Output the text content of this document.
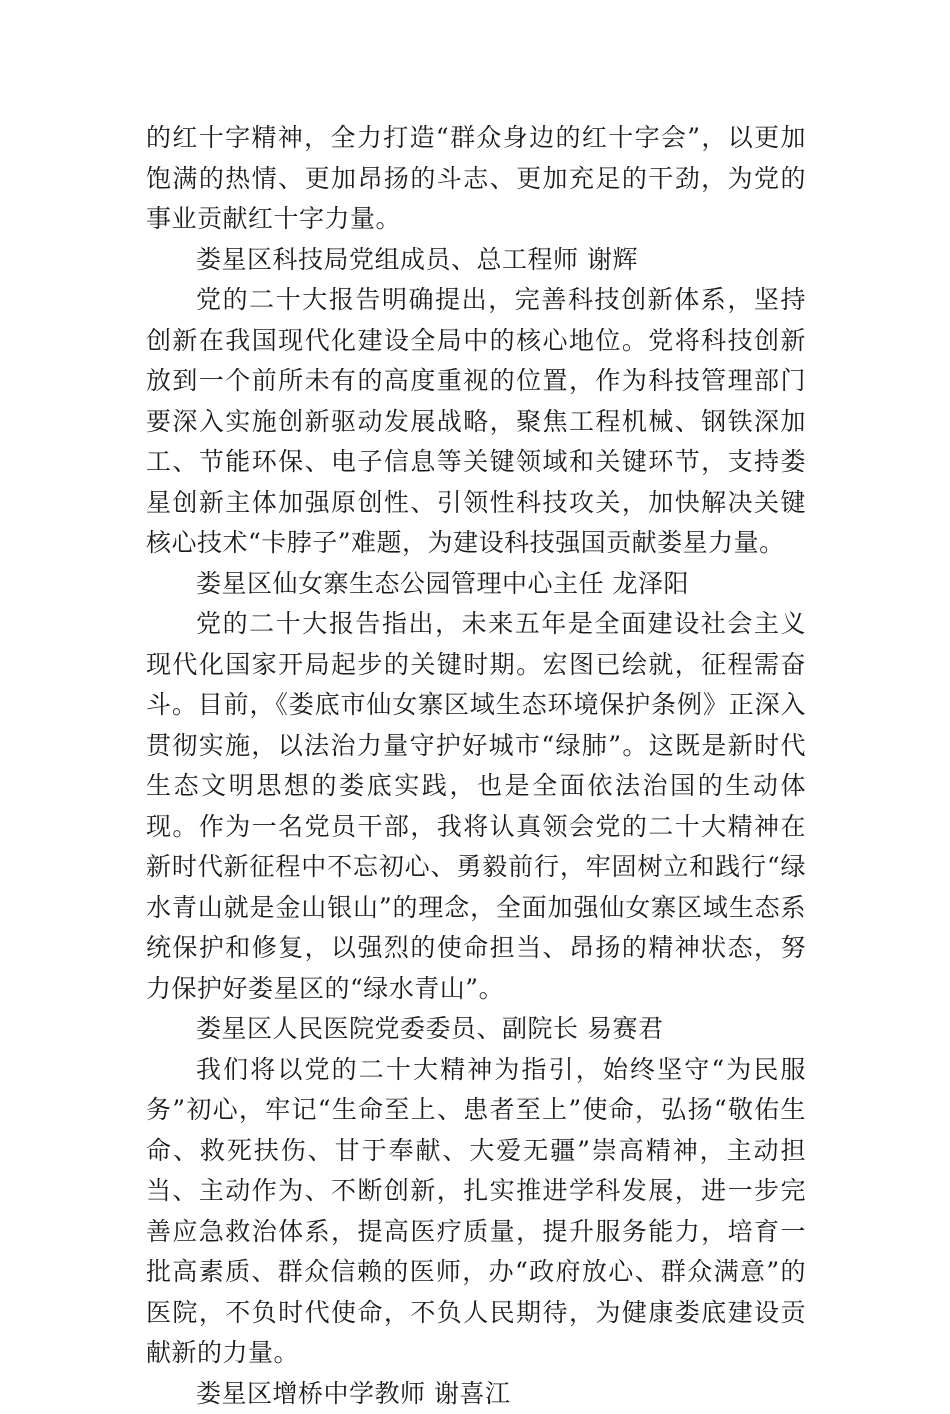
的红十字精神，全力打造“群众身边的红十字会”，以更加饱满的热情、更加昂扬的斗志、更加充足的干劲，为党的事业贡献红十字力量。

娄星区科技局党组成员、总工程师 谢辉

党的二十大报告明确提出，完善科技创新体系，坚持创新在我国现代化建设全局中的核心地位。党将科技创新放到一个前所未有的高度重视的位置，作为科技管理部门要深入实施创新驱动发展战略，聚焦工程机械、钢铁深加工、节能环保、电子信息等关键领域和关键环节，支持娄星创新主体加强原创性、引领性科技攻关，加快解决关键核心技术“卡脖子”难题，为建设科技强国贡献娄星力量。

娄星区仙女寨生态公园管理中心主任 龙泽阳

党的二十大报告指出，未来五年是全面建设社会主义现代化国家开局起步的关键时期。宏图已绘就，征程需奋斗。目前，《娄底市仙女寨区域生态环境保护条例》正深入贯彻实施，以法治力量守护好城市“绿肺”。这既是新时代生态文明思想的娄底实践，也是全面依法治国的生动体现。作为一名党员干部，我将认真领会党的二十大精神在新时代新征程中不忘初心、勇毅前行，牢固树立和践行“绿水青山就是金山银山”的理念，全面加强仙女寨区域生态系统保护和修复，以强烈的使命担当、昂扬的精神状态，努力保护好娄星区的“绿水青山”。

娄星区人民医院党委委员、副院长 易赛君

我们将以党的二十大精神为指引，始终坚守“为民服务”初心，牢记“生命至上、患者至上”使命，弘扬“敬佑生命、救死扶伤、甘于奉献、大爱无疆”崇高精神，主动担当、主动作为、不断创新，扎实推进学科发展，进一步完善应急救治体系，提高医疗质量，提升服务能力，培育一批高素质、群众信赖的医师，办“政府放心、群众满意”的医院，不负时代使命，不负人民期待，为健康娄底建设贡献新的力量。

娄星区增桥中学教师 谢喜江
